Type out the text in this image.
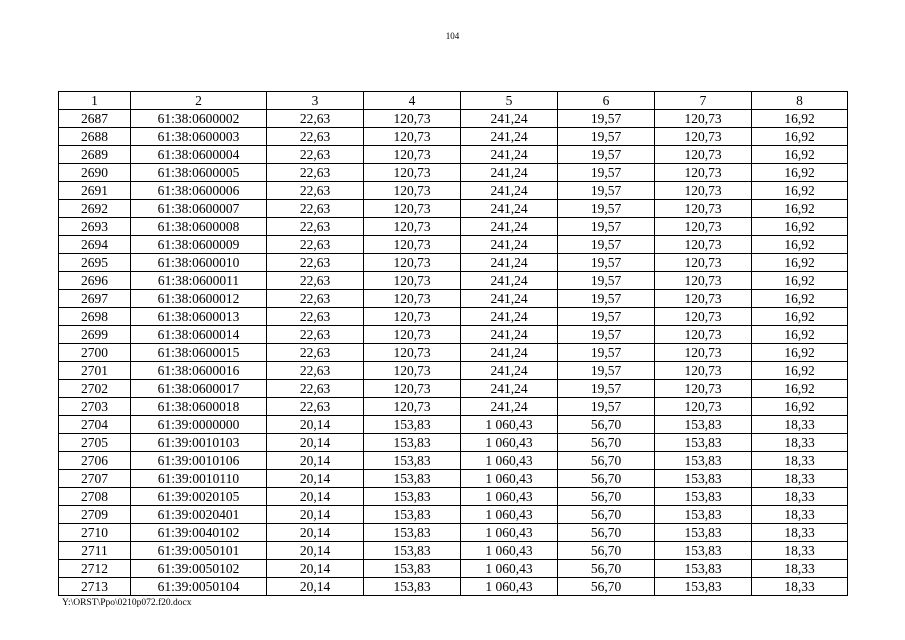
104
1	2	3	4	5	6	7	8
2687	61:38:0600002	22,63	120,73	241,24	19,57	120,73	16,92
2688	61:38:0600003	22,63	120,73	241,24	19,57	120,73	16,92
2689	61:38:0600004	22,63	120,73	241,24	19,57	120,73	16,92
2690	61:38:0600005	22,63	120,73	241,24	19,57	120,73	16,92
2691	61:38:0600006	22,63	120,73	241,24	19,57	120,73	16,92
2692	61:38:0600007	22,63	120,73	241,24	19,57	120,73	16,92
2693	61:38:0600008	22,63	120,73	241,24	19,57	120,73	16,92
2694	61:38:0600009	22,63	120,73	241,24	19,57	120,73	16,92
2695	61:38:0600010	22,63	120,73	241,24	19,57	120,73	16,92
2696	61:38:0600011	22,63	120,73	241,24	19,57	120,73	16,92
2697	61:38:0600012	22,63	120,73	241,24	19,57	120,73	16,92
2698	61:38:0600013	22,63	120,73	241,24	19,57	120,73	16,92
2699	61:38:0600014	22,63	120,73	241,24	19,57	120,73	16,92
2700	61:38:0600015	22,63	120,73	241,24	19,57	120,73	16,92
2701	61:38:0600016	22,63	120,73	241,24	19,57	120,73	16,92
2702	61:38:0600017	22,63	120,73	241,24	19,57	120,73	16,92
2703	61:38:0600018	22,63	120,73	241,24	19,57	120,73	16,92
2704	61:39:0000000	20,14	153,83	1 060,43	56,70	153,83	18,33
2705	61:39:0010103	20,14	153,83	1 060,43	56,70	153,83	18,33
2706	61:39:0010106	20,14	153,83	1 060,43	56,70	153,83	18,33
2707	61:39:0010110	20,14	153,83	1 060,43	56,70	153,83	18,33
2708	61:39:0020105	20,14	153,83	1 060,43	56,70	153,83	18,33
2709	61:39:0020401	20,14	153,83	1 060,43	56,70	153,83	18,33
2710	61:39:0040102	20,14	153,83	1 060,43	56,70	153,83	18,33
2711	61:39:0050101	20,14	153,83	1 060,43	56,70	153,83	18,33
2712	61:39:0050102	20,14	153,83	1 060,43	56,70	153,83	18,33
2713	61:39:0050104	20,14	153,83	1 060,43	56,70	153,83	18,33
Y:\ORST\Ppo\0210p072.f20.docx
